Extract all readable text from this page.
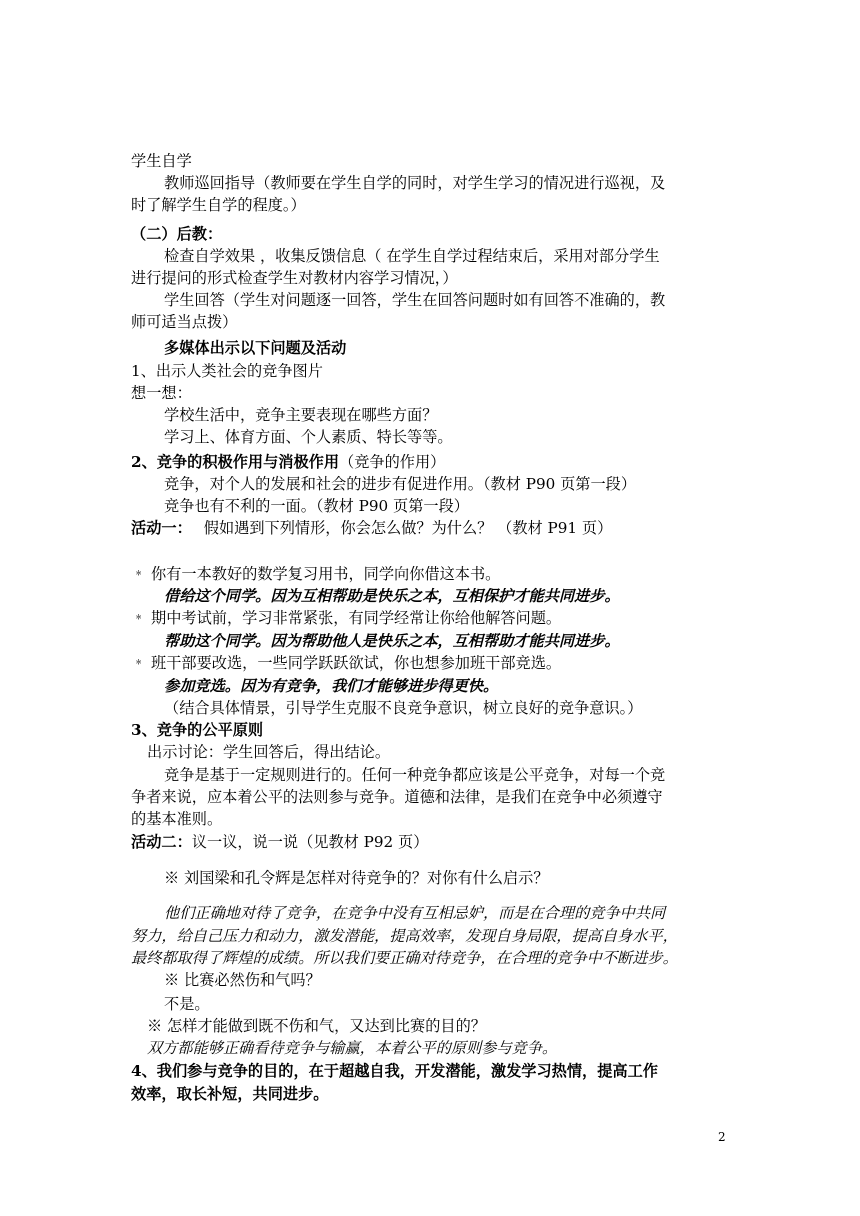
学生自学
教师巡回指导（教师要在学生自学的同时，对学生学习的情况进行巡视，及
时了解学生自学的程度。）
（二）后教：
检查自学效果 ，收集反馈信息（ 在学生自学过程结束后，采用对部分学生
进行提问的形式检查学生对教材内容学习情况，）
学生回答（学生对问题逐一回答，学生在回答问题时如有回答不准确的，教
师可适当点拨）
多媒体出示以下问题及活动
1、出示人类社会的竞争图片
想一想：
学校生活中，竞争主要表现在哪些方面？
学习上、体育方面、个人素质、特长等等。
2、竞争的积极作用与消极作用（竞争的作用）
竞争，对个人的发展和社会的进步有促进作用。（教材 P90 页第一段）
竞争也有不利的一面。（教材 P90 页第一段）
活动一： 假如遇到下列情形，你会怎么做？为什么？ （教材 P91 页）
﹡ 你有一本教好的数学复习用书，同学向你借这本书。
借给这个同学。因为互相帮助是快乐之本，互相保护才能共同进步。
﹡ 期中考试前，学习非常紧张，有同学经常让你给他解答问题。
帮助这个同学。因为帮助他人是快乐之本，互相帮助才能共同进步。
﹡ 班干部要改选，一些同学跃跃欲试，你也想参加班干部竞选。
参加竞选。因为有竞争，我们才能够进步得更快。
（结合具体情景，引导学生克服不良竞争意识，树立良好的竞争意识。）
3、竞争的公平原则
出示讨论：学生回答后，得出结论。
竞争是基于一定规则进行的。任何一种竞争都应该是公平竞争，对每一个竞
争者来说，应本着公平的法则参与竞争。道德和法律，是我们在竞争中必须遵守
的基本准则。
活动二：议一议，说一说（见教材 P92 页）
※ 刘国梁和孔令辉是怎样对待竞争的？对你有什么启示？
他们正确地对待了竞争，在竞争中没有互相忌妒，而是在合理的竞争中共同
努力，给自己压力和动力，激发潜能，提高效率，发现自身局限，提高自身水平，
最终都取得了辉煌的成绩。所以我们要正确对待竞争，在合理的竞争中不断进步。
※ 比赛必然伤和气吗？
不是。
※ 怎样才能做到既不伤和气，又达到比赛的目的？
双方都能够正确看待竞争与输赢，本着公平的原则参与竞争。
4、我们参与竞争的目的，在于超越自我，开发潜能，激发学习热情，提高工作
效率，取长补短，共同进步。
2
